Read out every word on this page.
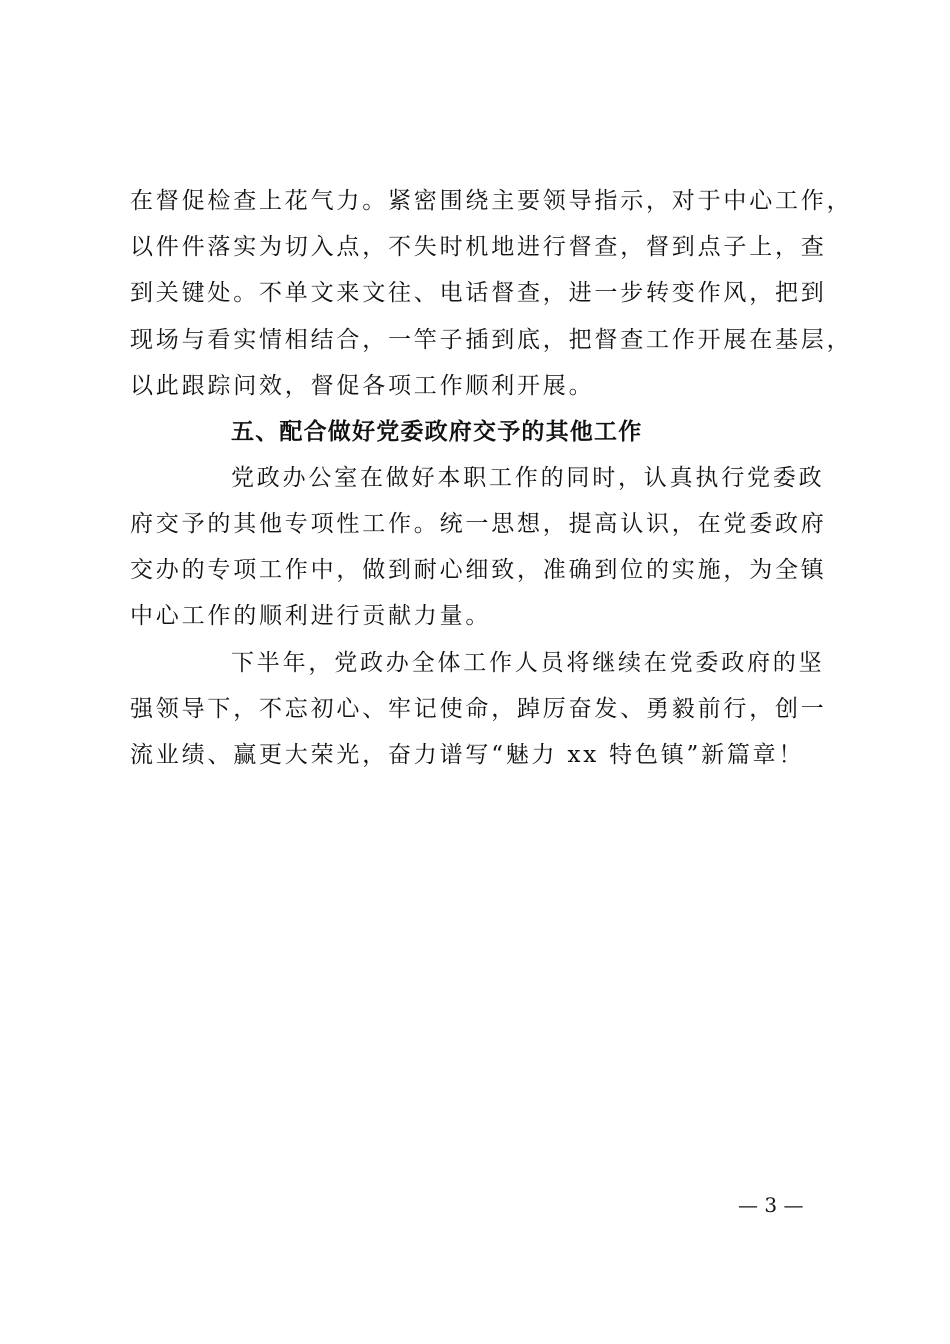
在督促检查上花气力。紧密围绕主要领导指示，对于中心工作，
以件件落实为切入点，不失时机地进行督查，督到点子上，查
到关键处。不单文来文往、电话督查，进一步转变作风，把到
现场与看实情相结合，一竿子插到底，把督查工作开展在基层，
以此跟踪问效，督促各项工作顺利开展。
五、配合做好党委政府交予的其他工作
党政办公室在做好本职工作的同时，认真执行党委政
府交予的其他专项性工作。统一思想，提高认识，在党委政府
交办的专项工作中，做到耐心细致，准确到位的实施，为全镇
中心工作的顺利进行贡献力量。
下半年，党政办全体工作人员将继续在党委政府的坚
强领导下，不忘初心、牢记使命，踔厉奋发、勇毅前行，创一
流业绩、赢更大荣光，奋力谱写“魅力 xx 特色镇”新篇章！
— 3 —
